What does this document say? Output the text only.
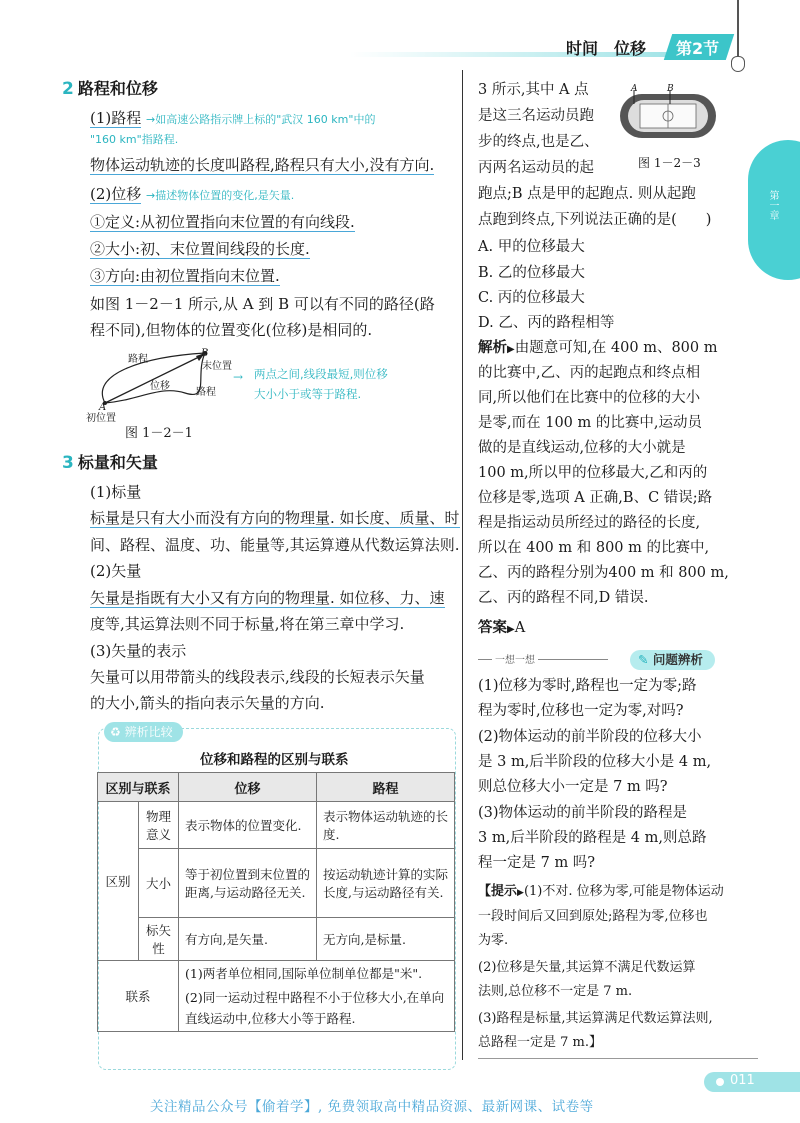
时间　位移 第2节
第一章
2 路程和位移
(1)路程 →如高速公路指示牌上标的"武汉 160 km"中的
"160 km"指路程.
物体运动轨迹的长度叫路程,路程只有大小,没有方向.
(2)位移 →描述物体位置的变化,是矢量.
①定义:从初位置指向末位置的有向线段.
②大小:初、末位置间线段的长度.
③方向:由初位置指向末位置.
如图 1－2－1 所示,从 A 到 B 可以有不同的路径(路
程不同),但物体的位置变化(位移)是相同的.
路程
B
末位置
位移
路程
A
初位置
→ 两点之间,线段最短,则位移
大小小于或等于路程.
图 1－2－1
3 标量和矢量
(1)标量
标量是只有大小而没有方向的物理量. 如长度、质量、时
间、路程、温度、功、能量等,其运算遵从代数运算法则.
(2)矢量
矢量是指既有大小又有方向的物理量. 如位移、力、速
度等,其运算法则不同于标量,将在第三章中学习.
(3)矢量的表示
矢量可以用带箭头的线段表示,线段的长短表示矢量
的大小,箭头的指向表示矢量的方向.
♻ 辨析比较
位移和路程的区别与联系
区别与联系		位移	路程
区别	物理意义	表示物体的位置变化.	表示物体运动轨迹的长度.
	大小	等于初位置到末位置的距离,与运动路径无关.	按运动轨迹计算的实际长度,与运动路径有关.
	标矢性	有方向,是矢量.	无方向,是标量.
联系		(1)两者单位相同,国际单位制单位都是"米".
(2)同一运动过程中路程不小于位移大小,在单向直线运动中,位移大小等于路程.	
3 所示,其中 A 点
是这三名运动员跑
步的终点,也是乙、
丙两名运动员的起
跑点;B 点是甲的起跑点. 则从起跑
点跑到终点,下列说法正确的是(　　)
A	B
图 1－2－3
A. 甲的位移最大
B. 乙的位移最大
C. 丙的位移最大
D. 乙、丙的路程相等
解析▶由题意可知,在 400 m、800 m
的比赛中,乙、丙的起跑点和终点相
同,所以他们在比赛中的位移的大小
是零,而在 100 m 的比赛中,运动员
做的是直线运动,位移的大小就是
100 m,所以甲的位移最大,乙和丙的
位移是零,选项 A 正确,B、C 错误;路
程是指运动员所经过的路径的长度,
所以在 400 m 和 800 m 的比赛中,
乙、丙的路程分别为400 m 和 800 m,
乙、丙的路程不同,D 错误.
答案▶A
一想一想	✎ 问题辨析
(1)位移为零时,路程也一定为零;路
程为零时,位移也一定为零,对吗?
(2)物体运动的前半阶段的位移大小
是 3 m,后半阶段的位移大小是 4 m,
则总位移大小一定是 7 m 吗?
(3)物体运动的前半阶段的路程是
3 m,后半阶段的路程是 4 m,则总路
程一定是 7 m 吗?
【提示▶(1)不对. 位移为零,可能是物体运动
一段时间后又回到原处;路程为零,位移也
为零.
(2)位移是矢量,其运算不满足代数运算
法则,总位移不一定是 7 m.
(3)路程是标量,其运算满足代数运算法则,
总路程一定是 7 m.】
011
关注精品公众号【偷着学】, 免费领取高中精品资源、最新网课、试卷等
